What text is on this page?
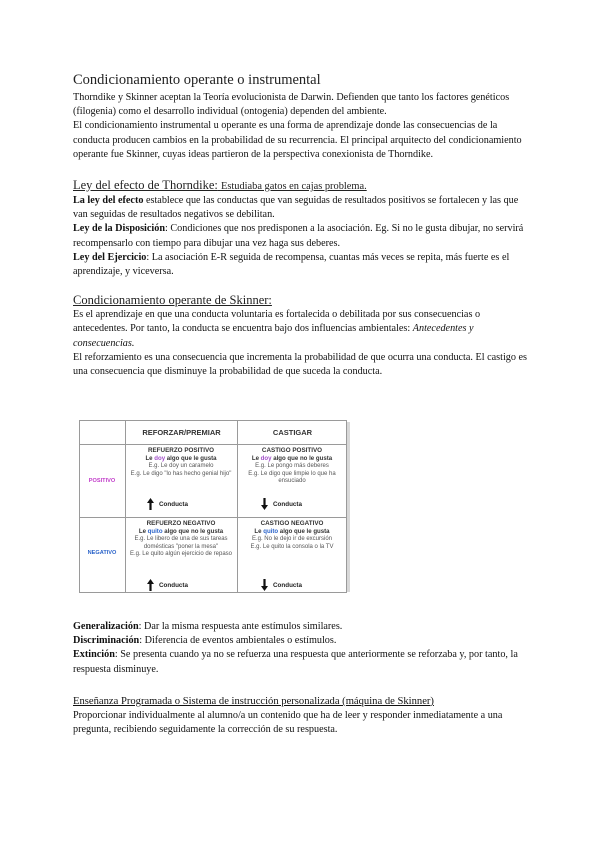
Condicionamiento operante o instrumental

Thorndike y Skinner aceptan la Teoría evolucionista de Darwin. Defienden que tanto los factores genéticos (filogenia) como el desarrollo individual (ontogenia) dependen del ambiente.

El condicionamiento instrumental u operante es una forma de aprendizaje donde las consecuencias de la conducta producen cambios en la probabilidad de su recurrencia. El principal arquitecto del condicionamiento operante fue Skinner, cuyas ideas partieron de la perspectiva conexionista de Thorndike.

Ley del efecto de Thorndike: Estudiaba gatos en cajas problema.

La ley del efecto establece que las conductas que van seguidas de resultados positivos se fortalecen y las que van seguidas de resultados negativos se debilitan.

Ley de la Disposición: Condiciones que nos predisponen a la asociación. Eg. Si no le gusta dibujar, no servirá recompensarlo con tiempo para dibujar una vez haga sus deberes.

Ley del Ejercicio: La asociación E-R seguida de recompensa, cuantas más veces se repita, más fuerte es el aprendizaje, y viceversa.

Condicionamiento operante de Skinner:

Es el aprendizaje en que una conducta voluntaria es fortalecida o debilitada por sus consecuencias o antecedentes. Por tanto, la conducta se encuentra bajo dos influencias ambientales: Antecedentes y consecuencias.

El reforzamiento es una consecuencia que incrementa la probabilidad de que ocurra una conducta. El castigo es una consecuencia que disminuye la probabilidad de que suceda la conducta.

REFORZAR/PREMIAR	CASTIGAR
POSITIVO
NEGATIVO
REFUERZO POSITIVO
Le doy algo que le gusta
E.g. Le doy un caramelo
E.g. Le digo "lo has hecho genial hijo"
Conducta
CASTIGO POSITIVO
Le doy algo que no le gusta
E.g. Le pongo más deberes
E.g. Le digo que limpie lo que ha ensuciado
Conducta
REFUERZO NEGATIVO
Le quito algo que no le gusta
E.g. Le libero de una de sus tareas domésticas "poner la mesa"
E.g. Le quito algún ejercicio de repaso
Conducta
CASTIGO NEGATIVO
Le quito algo que le gusta
E.g. No le dejo ir de excursión
E.g. Le quito la consola o la TV
Conducta

Generalización: Dar la misma respuesta ante estímulos similares.

Discriminación: Diferencia de eventos ambientales o estímulos.

Extinción: Se presenta cuando ya no se refuerza una respuesta que anteriormente se reforzaba y, por tanto, la respuesta disminuye.

Enseñanza Programada o Sistema de instrucción personalizada (máquina de Skinner)

Proporcionar individualmente al alumno/a un contenido que ha de leer y responder inmediatamente a una pregunta, recibiendo seguidamente la corrección de su respuesta.
